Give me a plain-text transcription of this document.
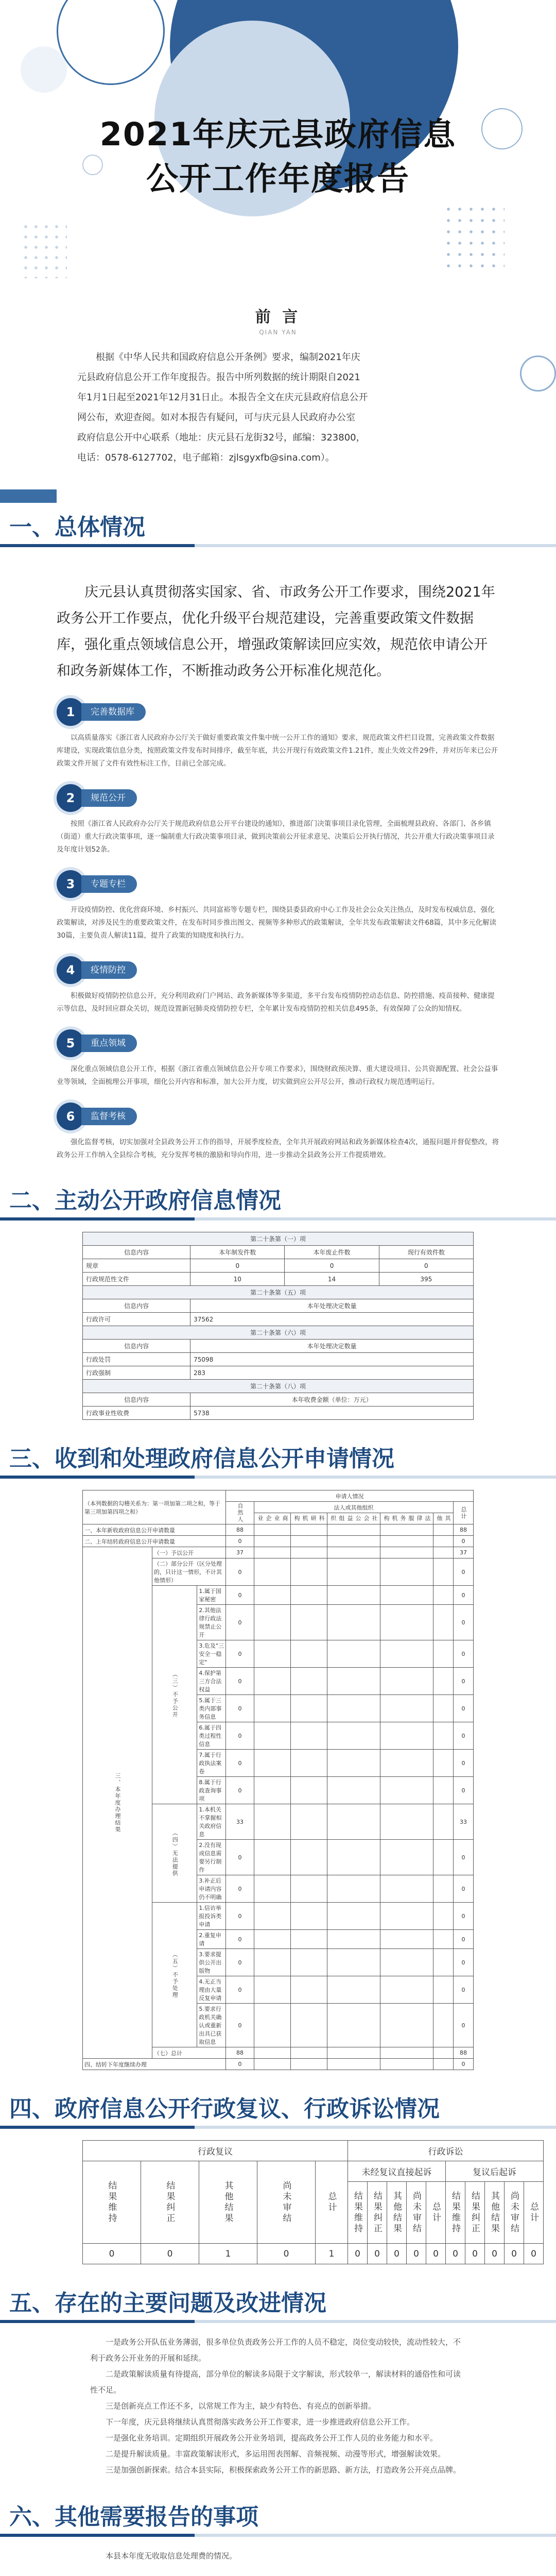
2021年庆元县政府信息
公开工作年度报告
前 言
QIAN YAN

根据《中华人民共和国政府信息公开条例》要求，编制2021年庆
元县政府信息公开工作年度报告。报告中所列数据的统计期限自2021
年1月1日起至2021年12月31日止。本报告全文在庆元县政府信息公开
网公布，欢迎查阅。如对本报告有疑问，可与庆元县人民政府办公室
政府信息公开中心联系（地址：庆元县石龙街32号，邮编：323800，
电话：0578-6127702，电子邮箱：zjlsgyxfb@sina.com）。

一、总体情况

庆元县认真贯彻落实国家、省、市政务公开工作要求，围绕2021年政务公开工作要点，优化升级平台规范建设，完善重要政策文件数据库，强化重点领域信息公开，增强政策解读回应实效，规范依申请公开和政务新媒体工作，不断推动政务公开标准化规范化。

1	完善数据库

以高质量落实《浙江省人民政府办公厅关于做好重要政策文件集中统一公开工作的通知》要求，规范政策文件栏目设置，完善政策文件数据库建设，实现政策信息分类，按照政策文件发布时间排序，截至年底，共公开现行有效政策文件1.21件，废止失效文件29件，并对历年来已公开政策文件开展了文件有效性标注工作，目前已全部完成。

2	规范公开

按照《浙江省人民政府办公厅关于规范政府信息公开平台建设的通知》，推进部门决策事项目录化管理，全面梳理县政府、各部门、各乡镇（街道）重大行政决策事项，逐一编制重大行政决策事项目录，做到决策前公开征求意见、决策后公开执行情况，共公开重大行政决策事项目录及年度计划52条。

3	专题专栏

开设疫情防控、优化营商环境、乡村振兴、共同富裕等专题专栏，围绕县委县政府中心工作及社会公众关注热点，及时发布权威信息，强化政策解读，对涉及民生的重要政策文件，在发布时同步推出图文、视频等多种形式的政策解读，全年共发布政策解读文件68篇，其中多元化解读30篇，主要负责人解读11篇，提升了政策的知晓度和执行力。

4	疫情防控

积极做好疫情防控信息公开，充分利用政府门户网站、政务新媒体等多渠道，多平台发布疫情防控动态信息、防控措施、疫苗接种、健康提示等信息，及时回应群众关切，规范设置新冠肺炎疫情防控专栏，全年累计发布疫情防控相关信息495条，有效保障了公众的知情权。

5	重点领域

深化重点领域信息公开工作，根据《浙江省重点领域信息公开专项工作要求》，围绕财政预决算、重大建设项目、公共资源配置、社会公益事业等领域，全面梳理公开事项，细化公开内容和标准，加大公开力度，切实做到应公开尽公开，推动行政权力规范透明运行。

6	监督考核

强化监督考核，切实加强对全县政务公开工作的指导，开展季度检查，全年共开展政府网站和政务新媒体检查4次，通报问题并督促整改，将政务公开工作纳入全县综合考核，充分发挥考核的激励和导向作用，进一步推动全县政务公开工作提质增效。

二、主动公开政府信息情况
第二十条第（一）项			
信息内容	本年制发件数	本年废止件数	现行有效件数
规章	0	0	0
行政规范性文件	10	14	395
第二十条第（五）项			
信息内容	本年处理决定数量		
行政许可	37562		
第二十条第（六）项			
信息内容	本年处理决定数量		
行政处罚	75098		
行政强制	283		
第二十条第（八）项			
信息内容	本年收费金额（单位：万元）		
行政事业性收费	5738		
三、收到和处理政府信息公开申请情况
（本列数据的勾稽关系为：第一项加第二项之和，等于第三项加第四项之和）			申请人情况						
			自然人	法人或其他组织					总计
				商业企业	科研机构	社会公益组织	法律服务机构	其他	
一、本年新收政府信息公开申请数量			88						88
二、上年结转政府信息公开申请数量			0						0
三、本年度办理结果	（一）予以公开		37						37
	（二）部分公开（区分处理的，只计这一情形，不计其他情形）		0						0
	（三）不予公开	1.属于国家秘密	0						0
		2.其他法律行政法规禁止公开	0						0
		3.危及"三安全一稳定"	0						0
		4.保护第三方合法权益	0						0
		5.属于三类内部事务信息	0						0
		6.属于四类过程性信息	0						0
		7.属于行政执法案卷	0						0
		8.属于行政查询事项	0						0
	（四）无法提供	1.本机关不掌握相关政府信息	33						33
		2.没有现成信息需要另行制作	0						0
		3.补正后申请内容仍不明确	0						0
	（五）不予处理	1.信访举报投诉类申请	0						0
		2.重复申请	0						0
		3.要求提供公开出版物	0						0
		4.无正当理由大量反复申请	0						0
		5.要求行政机关确认或重新出具已获取信息	0						0
	（七）总计		88						88
四、结转下年度继续办理			0						0
四、政府信息公开行政复议、行政诉讼情况
行政复议					行政诉讼									
结果维持	结果纠正	其他结果	尚未审结	总计	未经复议直接起诉					复议后起诉				
					结果维持	结果纠正	其他结果	尚未审结	总计	结果维持	结果纠正	其他结果	尚未审结	总计
0	0	1	0	1	0	0	0	0	0	0	0	0	0	0
五、存在的主要问题及改进情况

一是政务公开队伍业务薄弱，很多单位负责政务公开工作的人员不稳定，岗位变动较快，流动性较大，不利于政务公开业务的开展和延续。

二是政策解读质量有待提高，部分单位的解读多局限于文字解读，形式较单一，解读材料的通俗性和可读性不足。

三是创新亮点工作还不多，以常规工作为主，缺少有特色、有亮点的创新举措。

下一年度，庆元县将继续认真贯彻落实政务公开工作要求，进一步推进政府信息公开工作。

一是强化业务培训。定期组织开展政务公开业务培训，提高政务公开工作人员的业务能力和水平。

二是提升解读质量。丰富政策解读形式，多运用图表图解、音频视频、动漫等形式，增强解读效果。

三是加强创新探索。结合本县实际，积极探索政务公开工作的新思路、新方法，打造政务公开亮点品牌。

六、其他需要报告的事项

本县本年度无收取信息处理费的情况。
